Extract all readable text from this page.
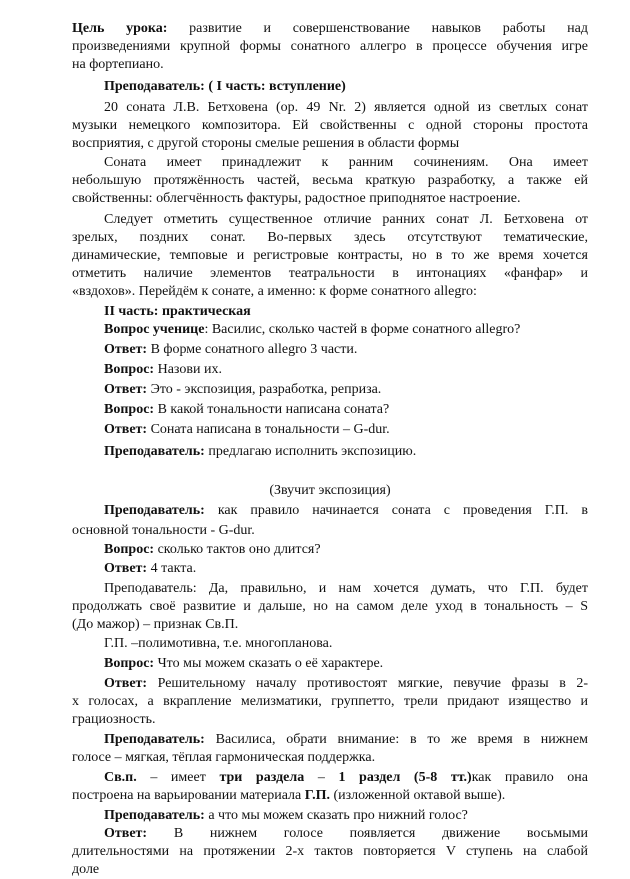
Цель урока: развитие и совершенствование навыков работы над
произведениями крупной формы сонатного аллегро в процессе обучения игре
на фортепиано.
Преподаватель: ( I часть: вступление)
20 соната Л.В. Бетховена (ор. 49 Nr. 2) является одной из светлых сонат
музыки немецкого композитора. Ей свойственны с одной стороны простота
восприятия, с другой стороны смелые решения в области формы
Соната имеет принадлежит к ранним сочинениям. Она имеет
небольшую протяжённость частей, весьма краткую разработку, а также ей
свойственны: облегчённость фактуры, радостное приподнятое настроение.
Следует отметить существенное отличие ранних сонат Л. Бетховена от
зрелых, поздних сонат. Во-первых здесь отсутствуют тематические,
динамические, темповые и регистровые контрасты, но в то же время хочется
отметить наличие элементов театральности в интонациях «фанфар» и
«вздохов». Перейдём к сонате, а именно: к форме сонатного allegro:
II часть: практическая
Вопрос ученице: Василис, сколько частей в форме сонатного allegro?
Ответ: В форме сонатного allegro 3 части.
Вопрос: Назови их.
Ответ: Это - экспозиция, разработка, реприза.
Вопрос: В какой тональности написана соната?
Ответ: Соната написана в тональности – G-dur.
Преподаватель: предлагаю исполнить экспозицию.
(Звучит экспозиция)
Преподаватель: как правило начинается соната с проведения Г.П. в
основной тональности - G-dur.
Вопрос: сколько тактов оно длится?
Ответ: 4 такта.
Преподаватель: Да, правильно, и нам хочется думать, что Г.П. будет
продолжать своё развитие и дальше, но на самом деле уход в тональность – S
(До мажор) – признак Св.П.
Г.П. –полимотивна, т.е. многопланова.
Вопрос: Что мы можем сказать о её характере.
Ответ: Решительному началу противостоят мягкие, певучие фразы в 2-
х голосах, а вкрапление мелизматики, группетто, трели придают изящество и
грациозность.
Преподаватель: Василиса, обрати внимание: в то же время в нижнем
голосе – мягкая, тёплая гармоническая поддержка.
Св.п. – имеет три раздела – 1 раздел (5-8 тт.)как правило она
построена на варьировании материала Г.П. (изложенной октавой выше).
Преподаватель: а что мы можем сказать про нижний голос?
Ответ: В нижнем голосе появляется движение восьмыми
длительностями на протяжении 2-х тактов повторяется V ступень на слабой
доле
